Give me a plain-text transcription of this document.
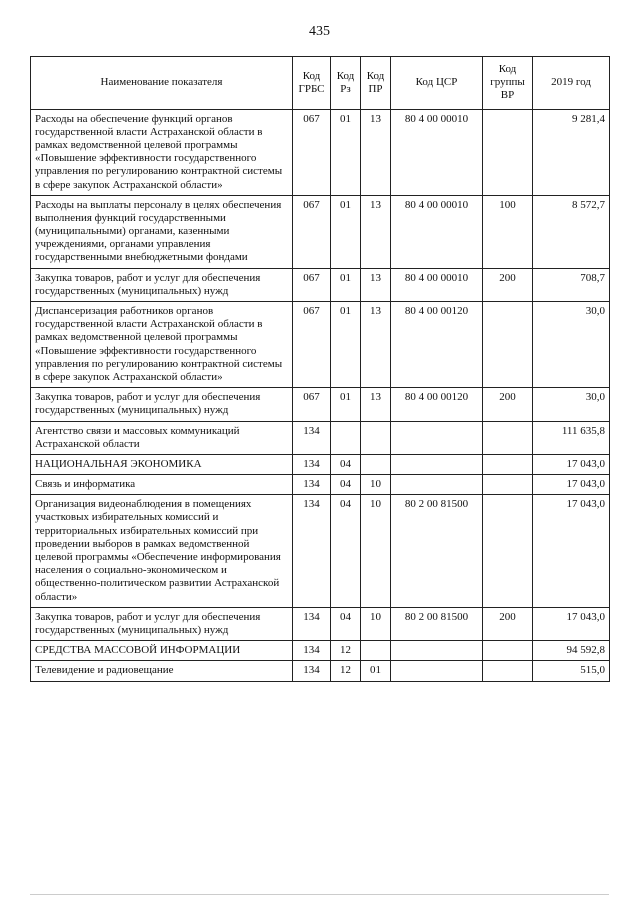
435
Наименование показателя	Код ГРБС	Код Рз	Код ПР	Код ЦСР	Код группы ВР	2019 год
Расходы на обеспечение функций органов государственной власти Астраханской области в рамках ведомственной целевой программы «Повышение эффективности государственного управления по регулированию контрактной системы в сфере закупок Астраханской области»	067	01	13	80 4 00 00010		9 281,4
Расходы на выплаты персоналу в целях обеспечения выполнения функций государственными (муниципальными) органами, казенными учреждениями, органами управления государственными внебюджетными фондами	067	01	13	80 4 00 00010	100	8 572,7
Закупка товаров, работ и услуг для обеспечения государственных (муниципальных) нужд	067	01	13	80 4 00 00010	200	708,7
Диспансеризация работников органов государственной власти Астраханской области в рамках ведомственной целевой программы «Повышение эффективности государственного управления по регулированию контрактной системы в сфере закупок Астраханской области»	067	01	13	80 4 00 00120		30,0
Закупка товаров, работ и услуг для обеспечения государственных (муниципальных) нужд	067	01	13	80 4 00 00120	200	30,0
Агентство связи и массовых коммуникаций Астраханской области	134					111 635,8
НАЦИОНАЛЬНАЯ ЭКОНОМИКА	134	04				17 043,0
Связь и информатика	134	04	10			17 043,0
Организация видеонаблюдения в помещениях участковых избирательных комиссий и территориальных избирательных комиссий при проведении выборов в рамках ведомственной целевой программы «Обеспечение информирования населения о социально-экономическом и общественно-политическом развитии Астраханской области»	134	04	10	80 2 00 81500		17 043,0
Закупка товаров, работ и услуг для обеспечения государственных (муниципальных) нужд	134	04	10	80 2 00 81500	200	17 043,0
СРЕДСТВА МАССОВОЙ ИНФОРМАЦИИ	134	12				94 592,8
Телевидение и радиовещание	134	12	01			515,0
